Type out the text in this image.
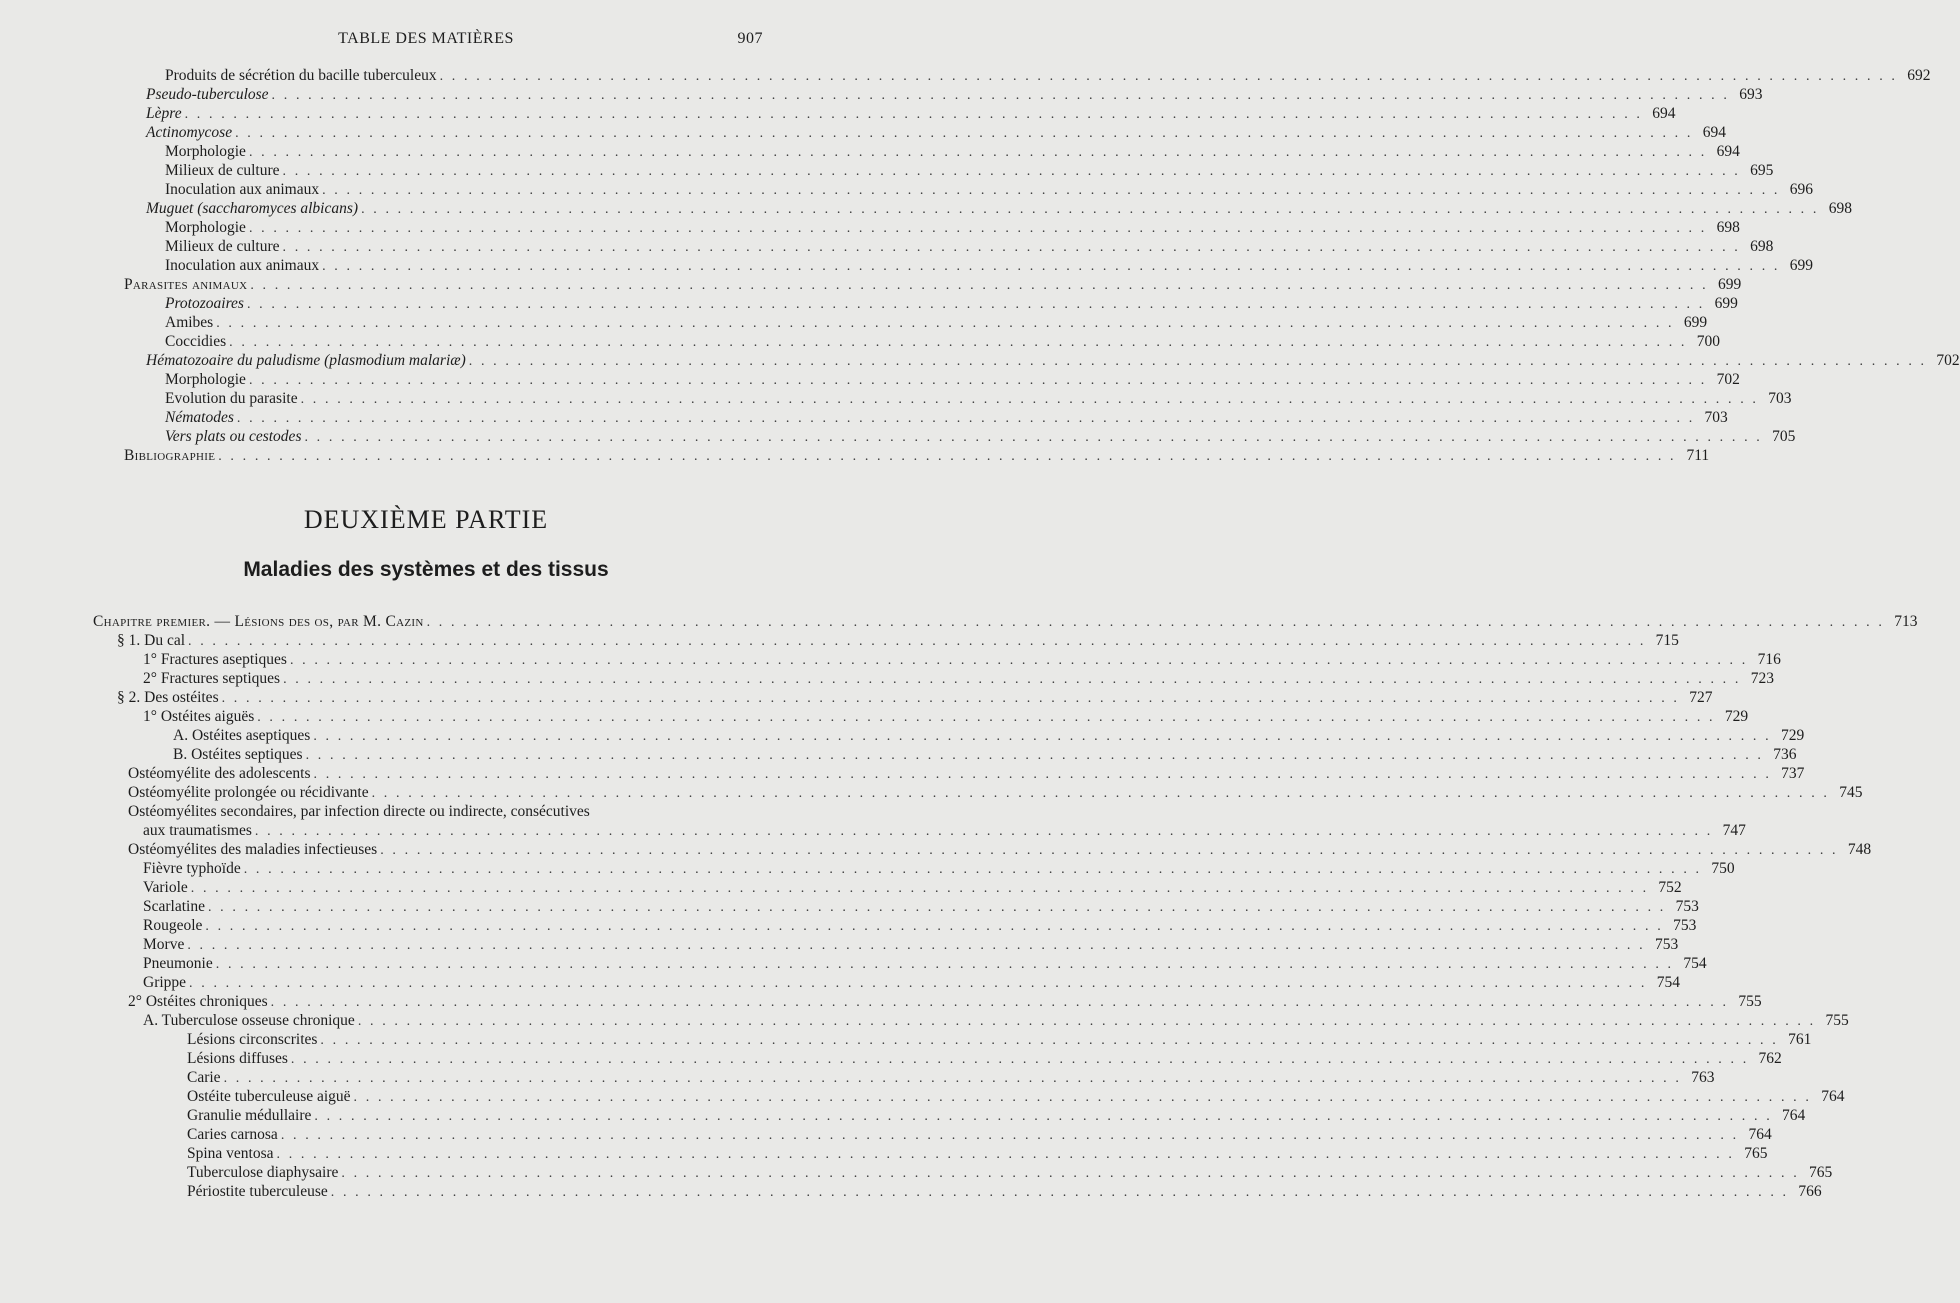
TABLE DES MATIÈRES	907
Produits de sécrétion du bacille tuberculeux . . . . . . . . . . . . . . . . . . . . . . . . . . . . . . . . . . . . . . . . . . . . . . . . . . . . . . . . . . . . . . . . . . . . . . . . . . . . . . . . . . . . . . . . . . . . . . . . . . . . . . . . . . . . . . . . . . . . . . . . 692
Pseudo-tuberculose . . . . . . . . . . . . . . . . . . . . . . . . . . . . . . . . . . . . . . . . . . . . . . . . . . . . . . . . . . . . . . . . . . . . . . . . . . . . . . . . . . . . . . . . . . . . . . . . . . . . . . . . . . . . . . . . . . . . . . . . 693
Lèpre . . . . . . . . . . . . . . . . . . . . . . . . . . . . . . . . . . . . . . . . . . . . . . . . . . . . . . . . . . . . . . . . . . . . . . . . . . . . . . . . . . . . . . . . . . . . . . . . . . . . . . . . . . . . . . . . . . . . . . . . 694
Actinomycose . . . . . . . . . . . . . . . . . . . . . . . . . . . . . . . . . . . . . . . . . . . . . . . . . . . . . . . . . . . . . . . . . . . . . . . . . . . . . . . . . . . . . . . . . . . . . . . . . . . . . . . . . . . . . . . . . . . . . . . . 694
Morphologie . . . . . . . . . . . . . . . . . . . . . . . . . . . . . . . . . . . . . . . . . . . . . . . . . . . . . . . . . . . . . . . . . . . . . . . . . . . . . . . . . . . . . . . . . . . . . . . . . . . . . . . . . . . . . . . . . . . . . . . . 694
Milieux de culture . . . . . . . . . . . . . . . . . . . . . . . . . . . . . . . . . . . . . . . . . . . . . . . . . . . . . . . . . . . . . . . . . . . . . . . . . . . . . . . . . . . . . . . . . . . . . . . . . . . . . . . . . . . . . . . . . . . . . . . . 695
Inoculation aux animaux . . . . . . . . . . . . . . . . . . . . . . . . . . . . . . . . . . . . . . . . . . . . . . . . . . . . . . . . . . . . . . . . . . . . . . . . . . . . . . . . . . . . . . . . . . . . . . . . . . . . . . . . . . . . . . . . . . . . . . . . 696
Muguet (saccharomyces albicans) . . . . . . . . . . . . . . . . . . . . . . . . . . . . . . . . . . . . . . . . . . . . . . . . . . . . . . . . . . . . . . . . . . . . . . . . . . . . . . . . . . . . . . . . . . . . . . . . . . . . . . . . . . . . . . . . . . . . . . . . 698
Morphologie . . . . . . . . . . . . . . . . . . . . . . . . . . . . . . . . . . . . . . . . . . . . . . . . . . . . . . . . . . . . . . . . . . . . . . . . . . . . . . . . . . . . . . . . . . . . . . . . . . . . . . . . . . . . . . . . . . . . . . . . 698
Milieux de culture . . . . . . . . . . . . . . . . . . . . . . . . . . . . . . . . . . . . . . . . . . . . . . . . . . . . . . . . . . . . . . . . . . . . . . . . . . . . . . . . . . . . . . . . . . . . . . . . . . . . . . . . . . . . . . . . . . . . . . . . 698
Inoculation aux animaux . . . . . . . . . . . . . . . . . . . . . . . . . . . . . . . . . . . . . . . . . . . . . . . . . . . . . . . . . . . . . . . . . . . . . . . . . . . . . . . . . . . . . . . . . . . . . . . . . . . . . . . . . . . . . . . . . . . . . . . . 699
Parasites animaux . . . . . . . . . . . . . . . . . . . . . . . . . . . . . . . . . . . . . . . . . . . . . . . . . . . . . . . . . . . . . . . . . . . . . . . . . . . . . . . . . . . . . . . . . . . . . . . . . . . . . . . . . . . . . . . . . . . . . . . . 699
Protozoaires . . . . . . . . . . . . . . . . . . . . . . . . . . . . . . . . . . . . . . . . . . . . . . . . . . . . . . . . . . . . . . . . . . . . . . . . . . . . . . . . . . . . . . . . . . . . . . . . . . . . . . . . . . . . . . . . . . . . . . . . 699
Amibes . . . . . . . . . . . . . . . . . . . . . . . . . . . . . . . . . . . . . . . . . . . . . . . . . . . . . . . . . . . . . . . . . . . . . . . . . . . . . . . . . . . . . . . . . . . . . . . . . . . . . . . . . . . . . . . . . . . . . . . . 699
Coccidies . . . . . . . . . . . . . . . . . . . . . . . . . . . . . . . . . . . . . . . . . . . . . . . . . . . . . . . . . . . . . . . . . . . . . . . . . . . . . . . . . . . . . . . . . . . . . . . . . . . . . . . . . . . . . . . . . . . . . . . . 700
Hématozoaire du paludisme (plasmodium malariæ) . . . . . . . . . . . . . . . . . . . . . . . . . . . . . . . . . . . . . . . . . . . . . . . . . . . . . . . . . . . . . . . . . . . . . . . . . . . . . . . . . . . . . . . . . . . . . . . . . . . . . . . . . . . . . . . . . . . . . . . . 702
Morphologie . . . . . . . . . . . . . . . . . . . . . . . . . . . . . . . . . . . . . . . . . . . . . . . . . . . . . . . . . . . . . . . . . . . . . . . . . . . . . . . . . . . . . . . . . . . . . . . . . . . . . . . . . . . . . . . . . . . . . . . . 702
Evolution du parasite . . . . . . . . . . . . . . . . . . . . . . . . . . . . . . . . . . . . . . . . . . . . . . . . . . . . . . . . . . . . . . . . . . . . . . . . . . . . . . . . . . . . . . . . . . . . . . . . . . . . . . . . . . . . . . . . . . . . . . . . 703
Nématodes . . . . . . . . . . . . . . . . . . . . . . . . . . . . . . . . . . . . . . . . . . . . . . . . . . . . . . . . . . . . . . . . . . . . . . . . . . . . . . . . . . . . . . . . . . . . . . . . . . . . . . . . . . . . . . . . . . . . . . . . 703
Vers plats ou cestodes . . . . . . . . . . . . . . . . . . . . . . . . . . . . . . . . . . . . . . . . . . . . . . . . . . . . . . . . . . . . . . . . . . . . . . . . . . . . . . . . . . . . . . . . . . . . . . . . . . . . . . . . . . . . . . . . . . . . . . . . 705
Bibliographie . . . . . . . . . . . . . . . . . . . . . . . . . . . . . . . . . . . . . . . . . . . . . . . . . . . . . . . . . . . . . . . . . . . . . . . . . . . . . . . . . . . . . . . . . . . . . . . . . . . . . . . . . . . . . . . . . . . . . . . . 711
Chapitre premier. — Lésions des os, par M. Cazin . . . . . . . . . . . . . . . . . . . . . . . . . . . . . . . . . . . . . . . . . . . . . . . . . . . . . . . . . . . . . . . . . . . . . . . . . . . . . . . . . . . . . . . . . . . . . . . . . . . . . . . . . . . . . . . . . . . . . . . . 713
§ 1. Du cal . . . . . . . . . . . . . . . . . . . . . . . . . . . . . . . . . . . . . . . . . . . . . . . . . . . . . . . . . . . . . . . . . . . . . . . . . . . . . . . . . . . . . . . . . . . . . . . . . . . . . . . . . . . . . . . . . . . . . . . . 715
1° Fractures aseptiques . . . . . . . . . . . . . . . . . . . . . . . . . . . . . . . . . . . . . . . . . . . . . . . . . . . . . . . . . . . . . . . . . . . . . . . . . . . . . . . . . . . . . . . . . . . . . . . . . . . . . . . . . . . . . . . . . . . . . . . . 716
2° Fractures septiques . . . . . . . . . . . . . . . . . . . . . . . . . . . . . . . . . . . . . . . . . . . . . . . . . . . . . . . . . . . . . . . . . . . . . . . . . . . . . . . . . . . . . . . . . . . . . . . . . . . . . . . . . . . . . . . . . . . . . . . . 723
§ 2. Des ostéites . . . . . . . . . . . . . . . . . . . . . . . . . . . . . . . . . . . . . . . . . . . . . . . . . . . . . . . . . . . . . . . . . . . . . . . . . . . . . . . . . . . . . . . . . . . . . . . . . . . . . . . . . . . . . . . . . . . . . . . . 727
1° Ostéites aiguës . . . . . . . . . . . . . . . . . . . . . . . . . . . . . . . . . . . . . . . . . . . . . . . . . . . . . . . . . . . . . . . . . . . . . . . . . . . . . . . . . . . . . . . . . . . . . . . . . . . . . . . . . . . . . . . . . . . . . . . . 729
A. Ostéites aseptiques . . . . . . . . . . . . . . . . . . . . . . . . . . . . . . . . . . . . . . . . . . . . . . . . . . . . . . . . . . . . . . . . . . . . . . . . . . . . . . . . . . . . . . . . . . . . . . . . . . . . . . . . . . . . . . . . . . . . . . . . 729
B. Ostéites septiques . . . . . . . . . . . . . . . . . . . . . . . . . . . . . . . . . . . . . . . . . . . . . . . . . . . . . . . . . . . . . . . . . . . . . . . . . . . . . . . . . . . . . . . . . . . . . . . . . . . . . . . . . . . . . . . . . . . . . . . . 736
Ostéomyélite des adolescents . . . . . . . . . . . . . . . . . . . . . . . . . . . . . . . . . . . . . . . . . . . . . . . . . . . . . . . . . . . . . . . . . . . . . . . . . . . . . . . . . . . . . . . . . . . . . . . . . . . . . . . . . . . . . . . . . . . . . . . . 737
Ostéomyélite prolongée ou récidivante . . . . . . . . . . . . . . . . . . . . . . . . . . . . . . . . . . . . . . . . . . . . . . . . . . . . . . . . . . . . . . . . . . . . . . . . . . . . . . . . . . . . . . . . . . . . . . . . . . . . . . . . . . . . . . . . . . . . . . . . 745
Ostéomyélites secondaires, par infection directe ou indirecte, consécutives
aux traumatismes . . . . . . . . . . . . . . . . . . . . . . . . . . . . . . . . . . . . . . . . . . . . . . . . . . . . . . . . . . . . . . . . . . . . . . . . . . . . . . . . . . . . . . . . . . . . . . . . . . . . . . . . . . . . . . . . . . . . . . . . 747
Ostéomyélites des maladies infectieuses . . . . . . . . . . . . . . . . . . . . . . . . . . . . . . . . . . . . . . . . . . . . . . . . . . . . . . . . . . . . . . . . . . . . . . . . . . . . . . . . . . . . . . . . . . . . . . . . . . . . . . . . . . . . . . . . . . . . . . . . 748
Fièvre typhoïde . . . . . . . . . . . . . . . . . . . . . . . . . . . . . . . . . . . . . . . . . . . . . . . . . . . . . . . . . . . . . . . . . . . . . . . . . . . . . . . . . . . . . . . . . . . . . . . . . . . . . . . . . . . . . . . . . . . . . . . . 750
Variole . . . . . . . . . . . . . . . . . . . . . . . . . . . . . . . . . . . . . . . . . . . . . . . . . . . . . . . . . . . . . . . . . . . . . . . . . . . . . . . . . . . . . . . . . . . . . . . . . . . . . . . . . . . . . . . . . . . . . . . . 752
Scarlatine . . . . . . . . . . . . . . . . . . . . . . . . . . . . . . . . . . . . . . . . . . . . . . . . . . . . . . . . . . . . . . . . . . . . . . . . . . . . . . . . . . . . . . . . . . . . . . . . . . . . . . . . . . . . . . . . . . . . . . . . 753
Rougeole . . . . . . . . . . . . . . . . . . . . . . . . . . . . . . . . . . . . . . . . . . . . . . . . . . . . . . . . . . . . . . . . . . . . . . . . . . . . . . . . . . . . . . . . . . . . . . . . . . . . . . . . . . . . . . . . . . . . . . . . 753
Morve . . . . . . . . . . . . . . . . . . . . . . . . . . . . . . . . . . . . . . . . . . . . . . . . . . . . . . . . . . . . . . . . . . . . . . . . . . . . . . . . . . . . . . . . . . . . . . . . . . . . . . . . . . . . . . . . . . . . . . . . 753
Pneumonie . . . . . . . . . . . . . . . . . . . . . . . . . . . . . . . . . . . . . . . . . . . . . . . . . . . . . . . . . . . . . . . . . . . . . . . . . . . . . . . . . . . . . . . . . . . . . . . . . . . . . . . . . . . . . . . . . . . . . . . . 754
Grippe . . . . . . . . . . . . . . . . . . . . . . . . . . . . . . . . . . . . . . . . . . . . . . . . . . . . . . . . . . . . . . . . . . . . . . . . . . . . . . . . . . . . . . . . . . . . . . . . . . . . . . . . . . . . . . . . . . . . . . . . 754
2° Ostéites chroniques . . . . . . . . . . . . . . . . . . . . . . . . . . . . . . . . . . . . . . . . . . . . . . . . . . . . . . . . . . . . . . . . . . . . . . . . . . . . . . . . . . . . . . . . . . . . . . . . . . . . . . . . . . . . . . . . . . . . . . . . 755
A. Tuberculose osseuse chronique . . . . . . . . . . . . . . . . . . . . . . . . . . . . . . . . . . . . . . . . . . . . . . . . . . . . . . . . . . . . . . . . . . . . . . . . . . . . . . . . . . . . . . . . . . . . . . . . . . . . . . . . . . . . . . . . . . . . . . . . 755
Lésions circonscrites . . . . . . . . . . . . . . . . . . . . . . . . . . . . . . . . . . . . . . . . . . . . . . . . . . . . . . . . . . . . . . . . . . . . . . . . . . . . . . . . . . . . . . . . . . . . . . . . . . . . . . . . . . . . . . . . . . . . . . . . 761
Lésions diffuses . . . . . . . . . . . . . . . . . . . . . . . . . . . . . . . . . . . . . . . . . . . . . . . . . . . . . . . . . . . . . . . . . . . . . . . . . . . . . . . . . . . . . . . . . . . . . . . . . . . . . . . . . . . . . . . . . . . . . . . . 762
Carie . . . . . . . . . . . . . . . . . . . . . . . . . . . . . . . . . . . . . . . . . . . . . . . . . . . . . . . . . . . . . . . . . . . . . . . . . . . . . . . . . . . . . . . . . . . . . . . . . . . . . . . . . . . . . . . . . . . . . . . . 763
Ostéite tuberculeuse aiguë . . . . . . . . . . . . . . . . . . . . . . . . . . . . . . . . . . . . . . . . . . . . . . . . . . . . . . . . . . . . . . . . . . . . . . . . . . . . . . . . . . . . . . . . . . . . . . . . . . . . . . . . . . . . . . . . . . . . . . . . 764
Granulie médullaire . . . . . . . . . . . . . . . . . . . . . . . . . . . . . . . . . . . . . . . . . . . . . . . . . . . . . . . . . . . . . . . . . . . . . . . . . . . . . . . . . . . . . . . . . . . . . . . . . . . . . . . . . . . . . . . . . . . . . . . . 764
Caries carnosa . . . . . . . . . . . . . . . . . . . . . . . . . . . . . . . . . . . . . . . . . . . . . . . . . . . . . . . . . . . . . . . . . . . . . . . . . . . . . . . . . . . . . . . . . . . . . . . . . . . . . . . . . . . . . . . . . . . . . . . . 764
Spina ventosa . . . . . . . . . . . . . . . . . . . . . . . . . . . . . . . . . . . . . . . . . . . . . . . . . . . . . . . . . . . . . . . . . . . . . . . . . . . . . . . . . . . . . . . . . . . . . . . . . . . . . . . . . . . . . . . . . . . . . . . . 765
Tuberculose diaphysaire . . . . . . . . . . . . . . . . . . . . . . . . . . . . . . . . . . . . . . . . . . . . . . . . . . . . . . . . . . . . . . . . . . . . . . . . . . . . . . . . . . . . . . . . . . . . . . . . . . . . . . . . . . . . . . . . . . . . . . . . 765
Périostite tuberculeuse . . . . . . . . . . . . . . . . . . . . . . . . . . . . . . . . . . . . . . . . . . . . . . . . . . . . . . . . . . . . . . . . . . . . . . . . . . . . . . . . . . . . . . . . . . . . . . . . . . . . . . . . . . . . . . . . . . . . . . . . 766
DEUXIÈME PARTIE
Maladies des systèmes et des tissus
